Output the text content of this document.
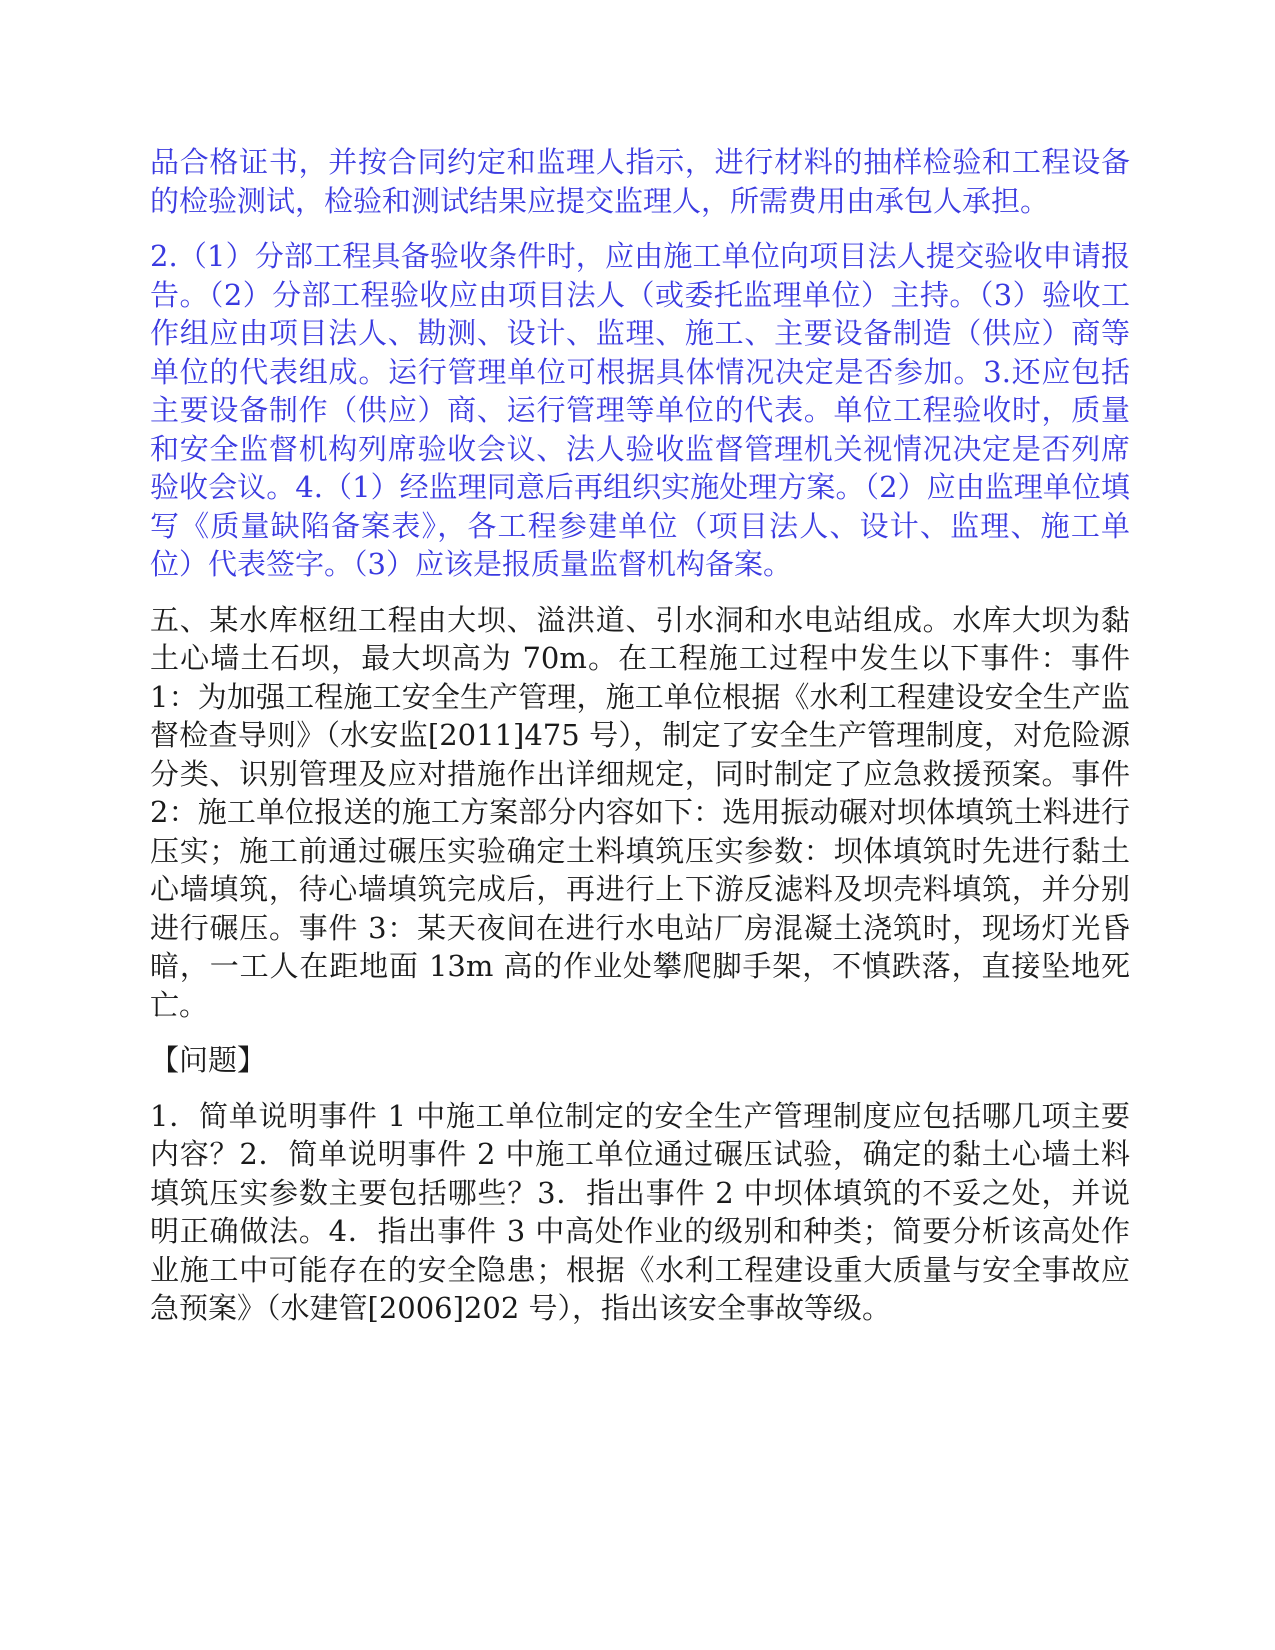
品合格证书，并按合同约定和监理人指示，进行材料的抽样检验和工程设备的检验测试，检验和测试结果应提交监理人，所需费用由承包人承担。

2.（1）分部工程具备验收条件时，应由施工单位向项目法人提交验收申请报告。（2）分部工程验收应由项目法人（或委托监理单位）主持。（3）验收工作组应由项目法人、勘测、设计、监理、施工、主要设备制造（供应）商等单位的代表组成。运行管理单位可根据具体情况决定是否参加。3.还应包括主要设备制作（供应）商、运行管理等单位的代表。单位工程验收时，质量和安全监督机构列席验收会议、法人验收监督管理机关视情况决定是否列席验收会议。4.（1）经监理同意后再组织实施处理方案。（2）应由监理单位填写《质量缺陷备案表》，各工程参建单位（项目法人、设计、监理、施工单位）代表签字。（3）应该是报质量监督机构备案。

五、某水库枢纽工程由大坝、溢洪道、引水洞和水电站组成。水库大坝为黏土心墙土石坝，最大坝高为 70m。在工程施工过程中发生以下事件：事件 1：为加强工程施工安全生产管理，施工单位根据《水利工程建设安全生产监督检查导则》（水安监[2011]475 号），制定了安全生产管理制度，对危险源分类、识别管理及应对措施作出详细规定，同时制定了应急救援预案。事件 2：施工单位报送的施工方案部分内容如下：选用振动碾对坝体填筑土料进行压实；施工前通过碾压实验确定土料填筑压实参数：坝体填筑时先进行黏土心墙填筑，待心墙填筑完成后，再进行上下游反滤料及坝壳料填筑，并分别进行碾压。事件 3：某天夜间在进行水电站厂房混凝土浇筑时，现场灯光昏暗，一工人在距地面 13m 高的作业处攀爬脚手架，不慎跌落，直接坠地死亡。

【问题】

1．简单说明事件 1 中施工单位制定的安全生产管理制度应包括哪几项主要内容？2．简单说明事件 2 中施工单位通过碾压试验，确定的黏土心墙土料填筑压实参数主要包括哪些？3．指出事件 2 中坝体填筑的不妥之处，并说明正确做法。4．指出事件 3 中高处作业的级别和种类；简要分析该高处作业施工中可能存在的安全隐患；根据《水利工程建设重大质量与安全事故应急预案》（水建管[2006]202 号），指出该安全事故等级。
